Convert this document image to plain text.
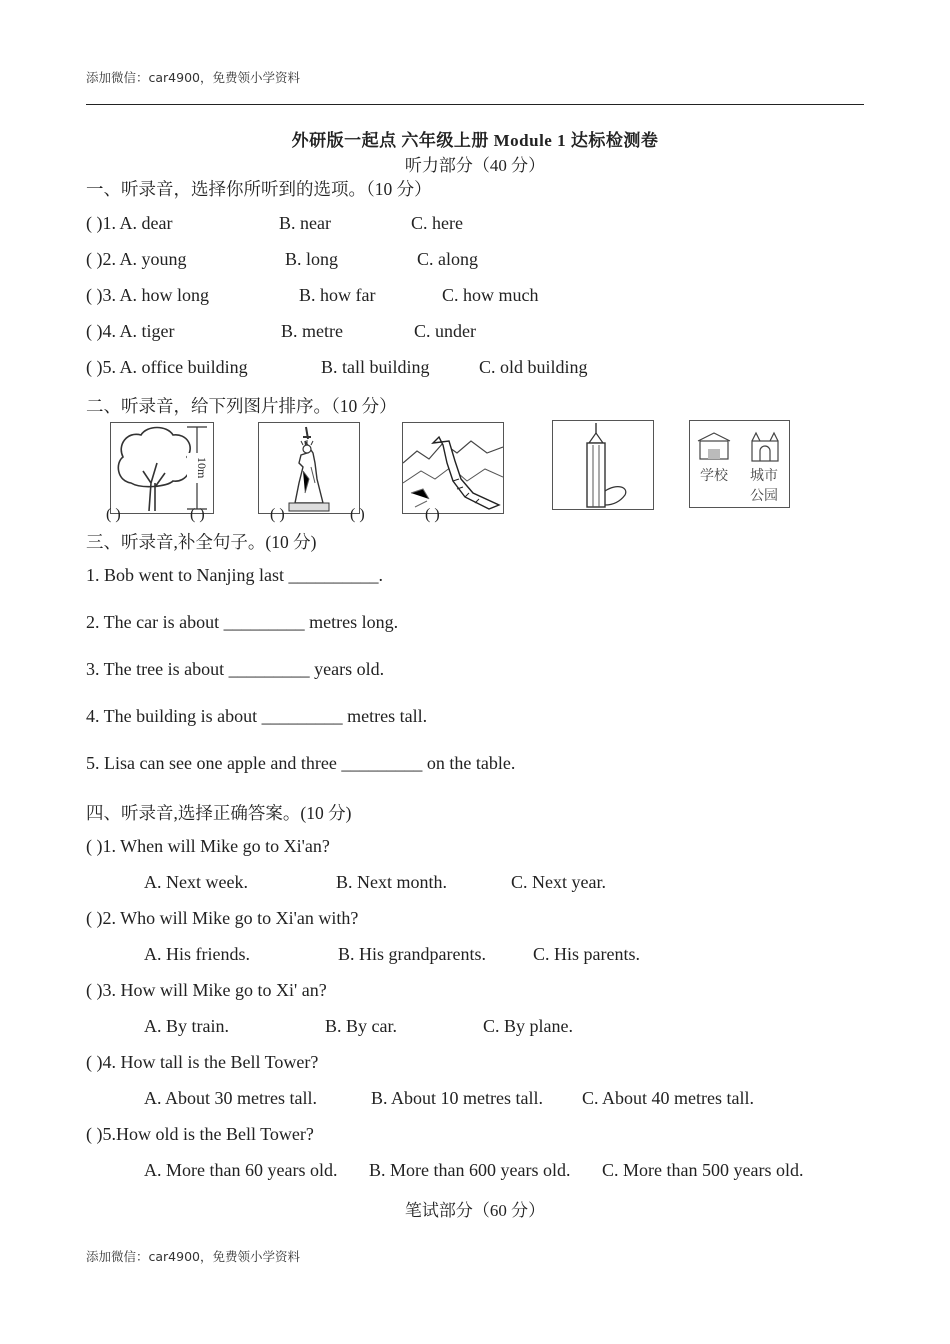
添加微信：car4900，免费领小学资料
外研版一起点 六年级上册 Module 1 达标检测卷
听力部分（40 分）
一、听录音，选择你所听到的选项。（10 分）
( )1. A. dear	B. near	C. here
( )2. A. young	B. long	C. along
( )3. A. how long	B. how far	C. how much
( )4. A. tiger	B. metre	C. under
( )5. A. office building	B. tall building	C. old building
二、听录音，给下列图片排序。（10 分）
10m	学校 城市
公园
( )	( )	( )	( )	( )
三、听录音,补全句子。(10 分)
1. Bob went to Nanjing last __________.
2. The car is about _________ metres long.
3. The tree is about _________ years old.
4. The building is about _________ metres tall.
5. Lisa can see one apple and three _________ on the table.
四、听录音,选择正确答案。(10 分)
( )1. When will Mike go to Xi'an?
A. Next week.	B. Next month.	C. Next year.
( )2. Who will Mike go to Xi'an with?
A. His friends.	B. His grandparents.	C. His parents.
( )3. How will Mike go to Xi' an?
A. By train.	B. By car.	C. By plane.
( )4. How tall is the Bell Tower?
A. About 30 metres tall.	B. About 10 metres tall. C. About 40 metres tall.
( )5.How old is the Bell Tower?
A. More than 60 years old. B. More than 600 years old. C. More than 500 years old.
笔试部分（60 分）
添加微信：car4900，免费领小学资料
